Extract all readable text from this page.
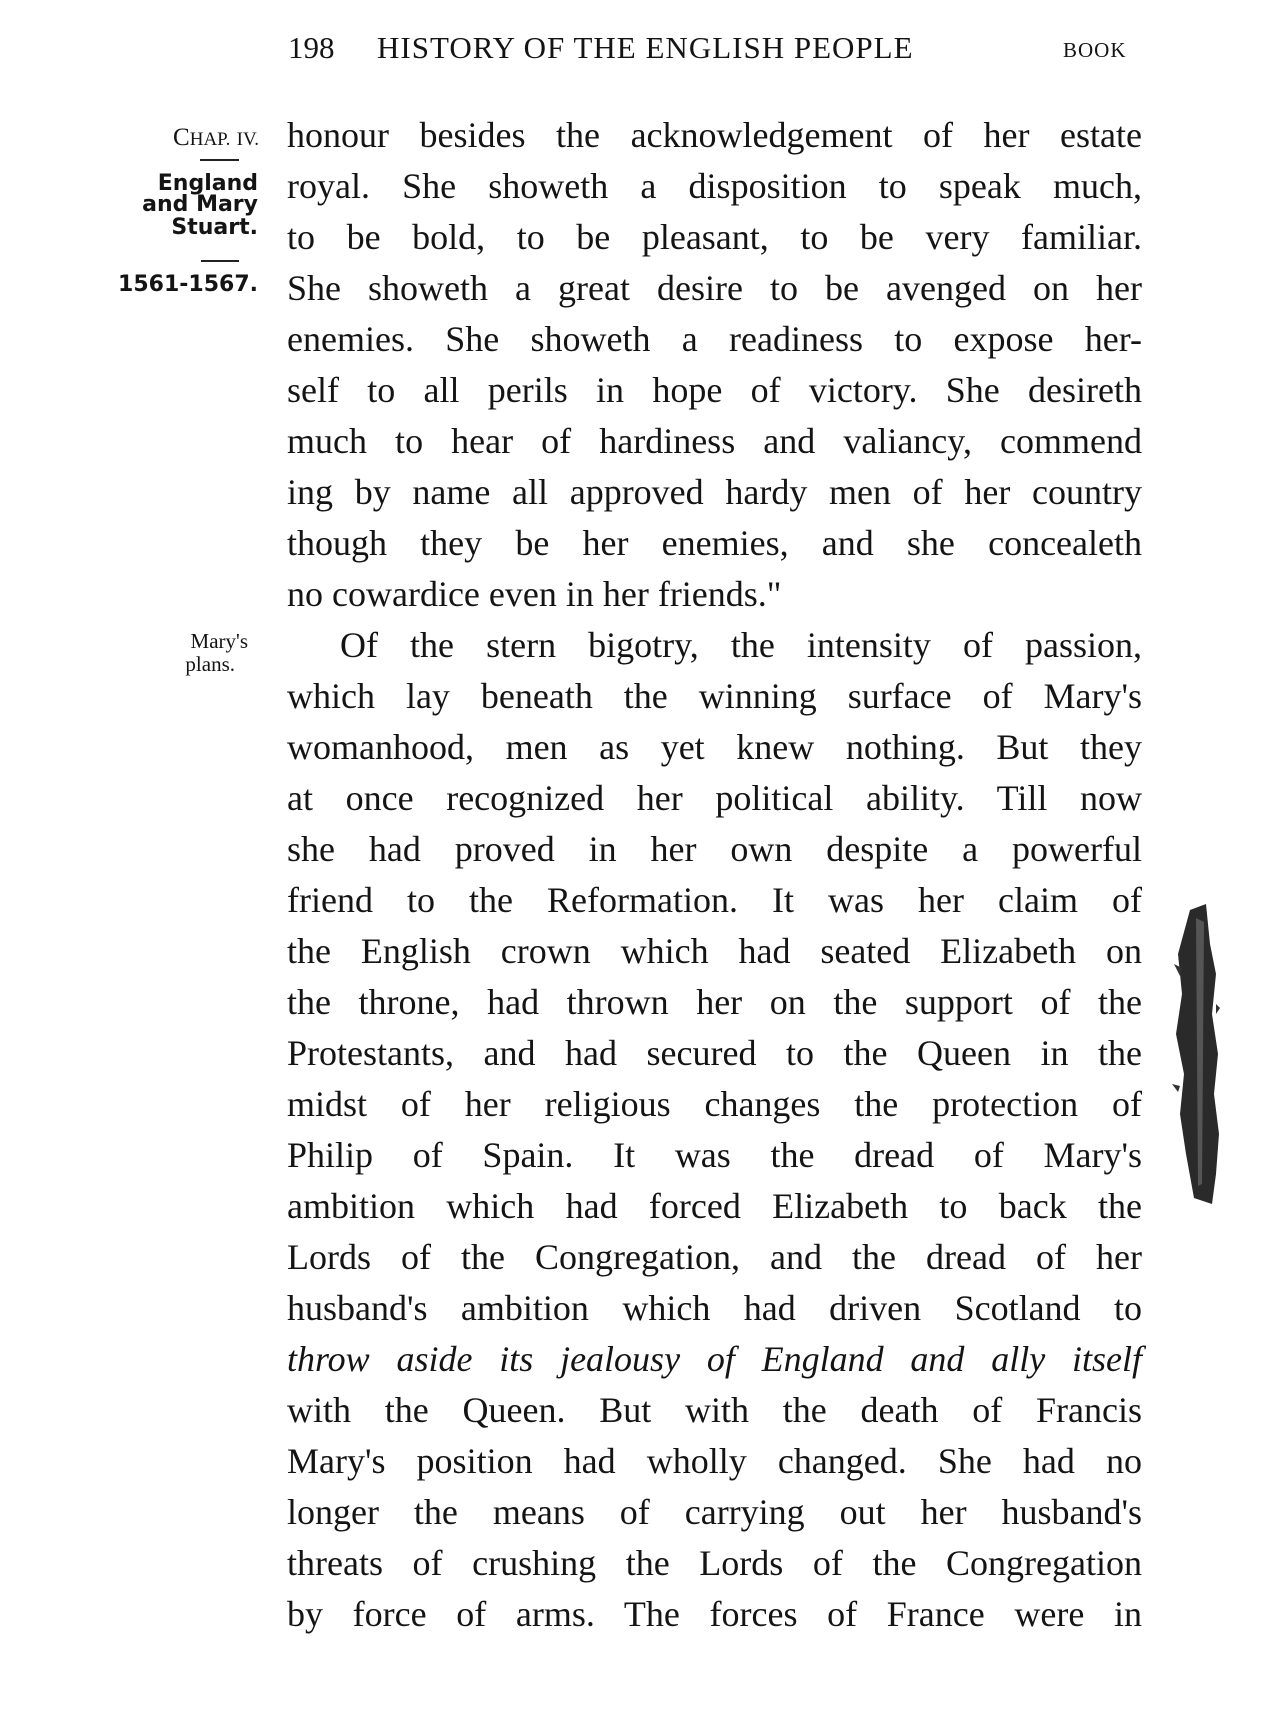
198 HISTORY OF THE ENGLISH PEOPLE	BOOK
CHAP. IV.
England
and Mary
Stuart.
1561-1567.
Mary's
plans.
honour besides the acknowledgement of her estate
royal. She showeth a disposition to speak much,
to be bold, to be pleasant, to be very familiar.
She showeth a great desire to be avenged on her
enemies. She showeth a readiness to expose her-
self to all perils in hope of victory. She desireth
much to hear of hardiness and valiancy, commend
ing by name all approved hardy men of her country
though they be her enemies, and she concealeth
no cowardice even in her friends."
Of the stern bigotry, the intensity of passion,
which lay beneath the winning surface of Mary's
womanhood, men as yet knew nothing. But they
at once recognized her political ability. Till now
she had proved in her own despite a powerful
friend to the Reformation. It was her claim of
the English crown which had seated Elizabeth on
the throne, had thrown her on the support of the
Protestants, and had secured to the Queen in the
midst of her religious changes the protection of
Philip of Spain. It was the dread of Mary's
ambition which had forced Elizabeth to back the
Lords of the Congregation, and the dread of her
husband's ambition which had driven Scotland to
throw aside its jealousy of England and ally itself
with the Queen. But with the death of Francis
Mary's position had wholly changed. She had no
longer the means of carrying out her husband's
threats of crushing the Lords of the Congregation
by force of arms. The forces of France were in
